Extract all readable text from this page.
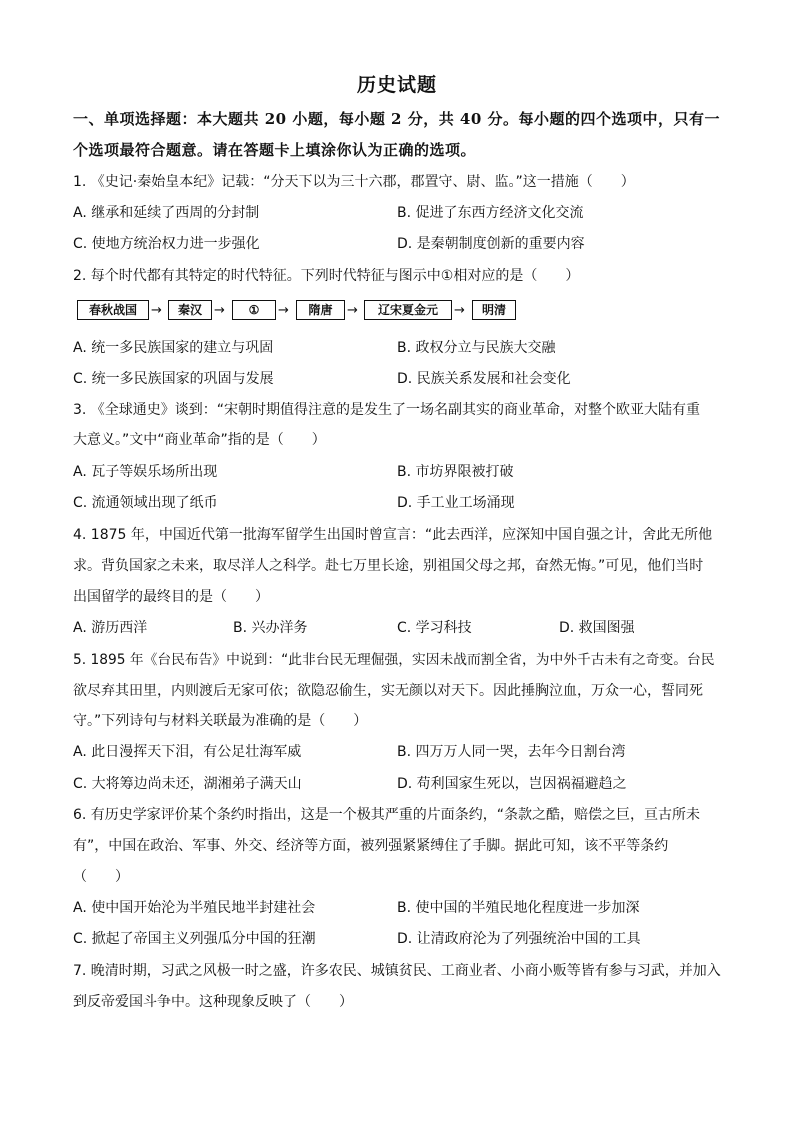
历史试题
一、单项选择题：本大题共 20 小题，每小题 2 分，共 40 分。每小题的四个选项中，只有一
个选项最符合题意。请在答题卡上填涂你认为正确的选项。
1. 《史记·秦始皇本纪》记载：“分天下以为三十六郡，郡置守、尉、监。”这一措施（　　）
A. 继承和延续了西周的分封制	B. 促进了东西方经济文化交流
C. 使地方统治权力进一步强化	D. 是秦朝制度创新的重要内容
2. 每个时代都有其特定的时代特征。下列时代特征与图示中①相对应的是（　　）
春秋战国	→	秦汉 →	①	→	隋唐	→	辽宋夏金元	→	明清
A. 统一多民族国家的建立与巩固	B. 政权分立与民族大交融
C. 统一多民族国家的巩固与发展	D. 民族关系发展和社会变化
3. 《全球通史》谈到：“宋朝时期值得注意的是发生了一场名副其实的商业革命，对整个欧亚大陆有重
大意义。”文中“商业革命”指的是（　　）
A. 瓦子等娱乐场所出现	B. 市坊界限被打破
C. 流通领域出现了纸币	D. 手工业工场涌现
4. 1875 年，中国近代第一批海军留学生出国时曾宣言：“此去西洋，应深知中国自强之计，舍此无所他
求。背负国家之未来，取尽洋人之科学。赴七万里长途，别祖国父母之邦，奋然无悔。”可见，他们当时
出国留学的最终目的是（　　）
A. 游历西洋	B. 兴办洋务	C. 学习科技	D. 救国图强
5. 1895 年《台民布告》中说到：“此非台民无理倔强，实因未战而割全省，为中外千古未有之奇变。台民
欲尽弃其田里，内则渡后无家可依；欲隐忍偷生，实无颜以对天下。因此捶胸泣血，万众一心，誓同死
守。”下列诗句与材料关联最为准确的是（　　）
A. 此日漫挥天下泪，有公足壮海军威	B. 四万万人同一哭，去年今日割台湾
C. 大将筹边尚未还，湖湘弟子满天山	D. 苟利国家生死以，岂因祸福避趋之
6. 有历史学家评价某个条约时指出，这是一个极其严重的片面条约，“条款之酷，赔偿之巨，亘古所未
有”，中国在政治、军事、外交、经济等方面，被列强紧紧缚住了手脚。据此可知，该不平等条约
（　　）
A. 使中国开始沦为半殖民地半封建社会	B. 使中国的半殖民地化程度进一步加深
C. 掀起了帝国主义列强瓜分中国的狂潮	D. 让清政府沦为了列强统治中国的工具
7. 晚清时期，习武之风极一时之盛，许多农民、城镇贫民、工商业者、小商小贩等皆有参与习武，并加入
到反帝爱国斗争中。这种现象反映了（　　）
